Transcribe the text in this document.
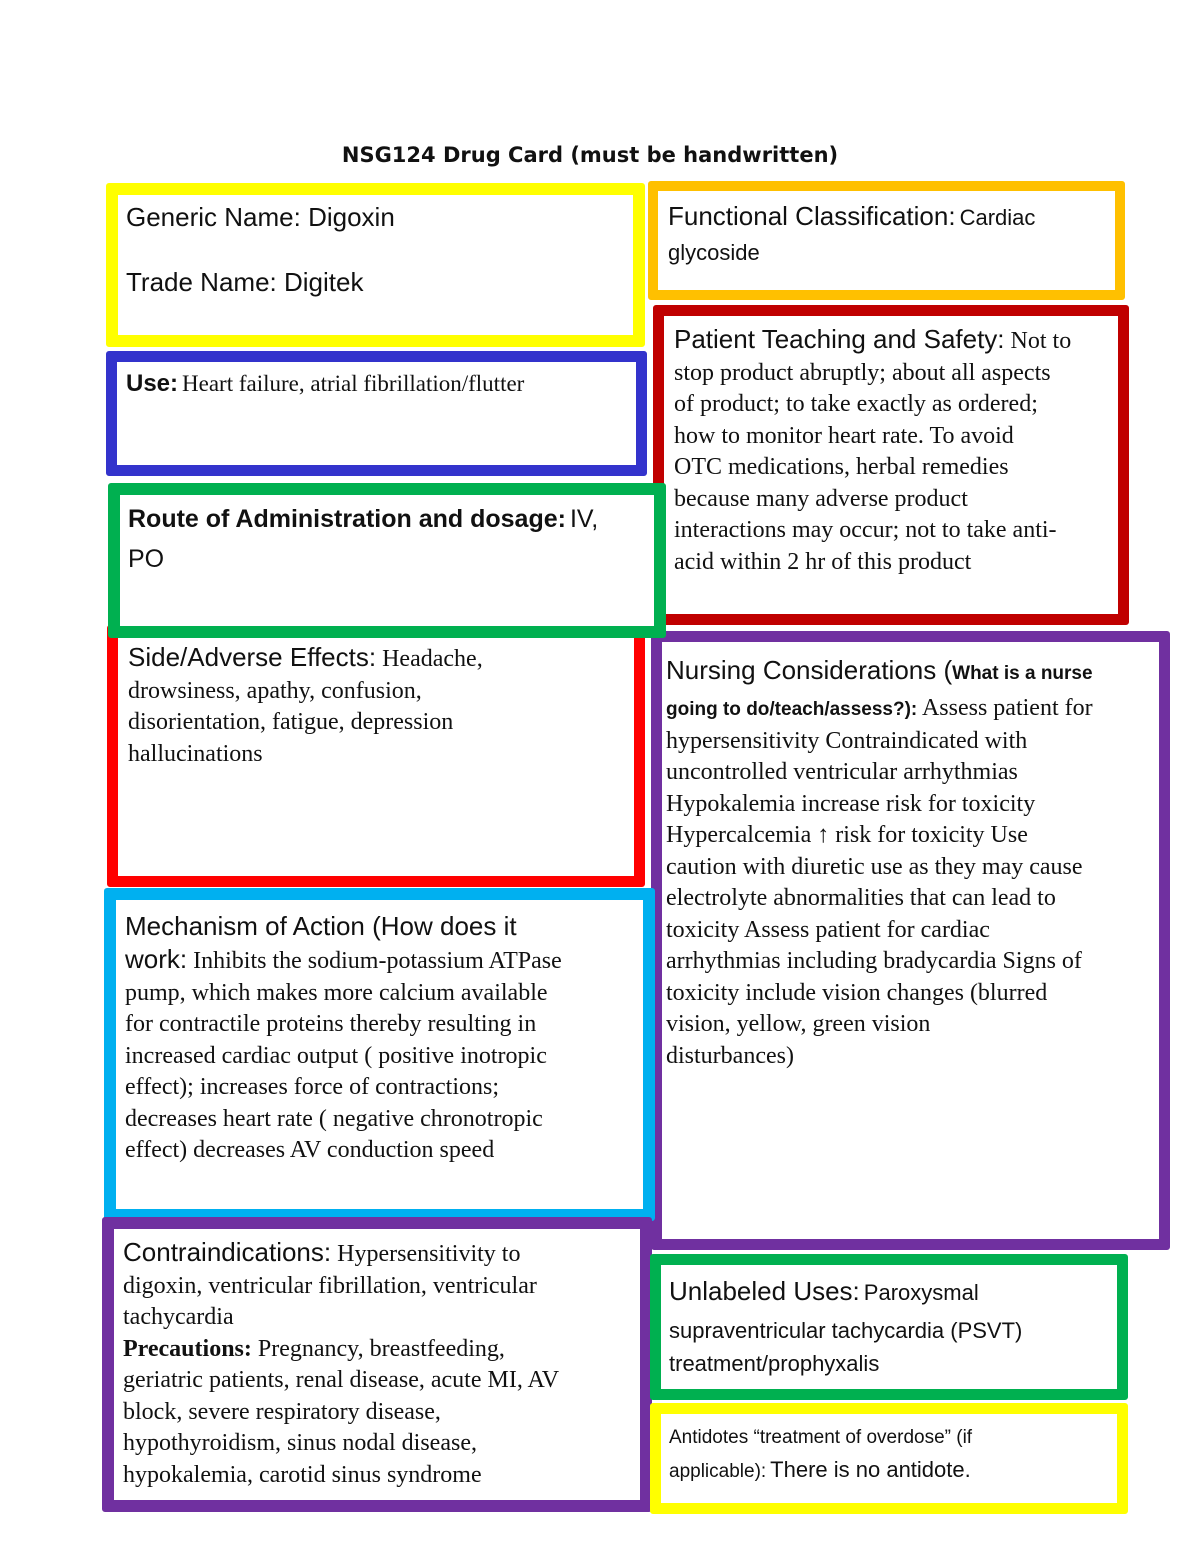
NSG124 Drug Card (must be handwritten)
Generic Name: Digoxin
Trade Name: Digitek
Functional Classification: Cardiac
glycoside
Use: Heart failure, atrial fibrillation/flutter
Patient Teaching and Safety: Not to
stop product abruptly; about all aspects
of product; to take exactly as ordered;
how to monitor heart rate. To avoid
OTC medications, herbal remedies
because many adverse product
interactions may occur; not to take anti-
acid within 2 hr of this product
Route of Administration and dosage: IV,
PO
Side/Adverse Effects: Headache,
drowsiness, apathy, confusion,
disorientation, fatigue, depression
hallucinations
Nursing Considerations (What is a nurse
going to do/teach/assess?): Assess patient for
hypersensitivity Contraindicated with
uncontrolled ventricular arrhythmias
Hypokalemia increase risk for toxicity
Hypercalcemia ↑ risk for toxicity Use
caution with diuretic use as they may cause
electrolyte abnormalities that can lead to
toxicity Assess patient for cardiac
arrhythmias including bradycardia Signs of
toxicity include vision changes (blurred
vision, yellow, green vision
disturbances)
Mechanism of Action (How does it
work: Inhibits the sodium-potassium ATPase
pump, which makes more calcium available
for contractile proteins thereby resulting in
increased cardiac output ( positive inotropic
effect); increases force of contractions;
decreases heart rate ( negative chronotropic
effect) decreases AV conduction speed
Contraindications: Hypersensitivity to
digoxin, ventricular fibrillation, ventricular
tachycardia
Precautions: Pregnancy, breastfeeding,
geriatric patients, renal disease, acute MI, AV
block, severe respiratory disease,
hypothyroidism, sinus nodal disease,
hypokalemia, carotid sinus syndrome
Unlabeled Uses: Paroxysmal
supraventricular tachycardia (PSVT)
treatment/prophyxalis
Antidotes “treatment of overdose” (if
applicable): There is no antidote.
